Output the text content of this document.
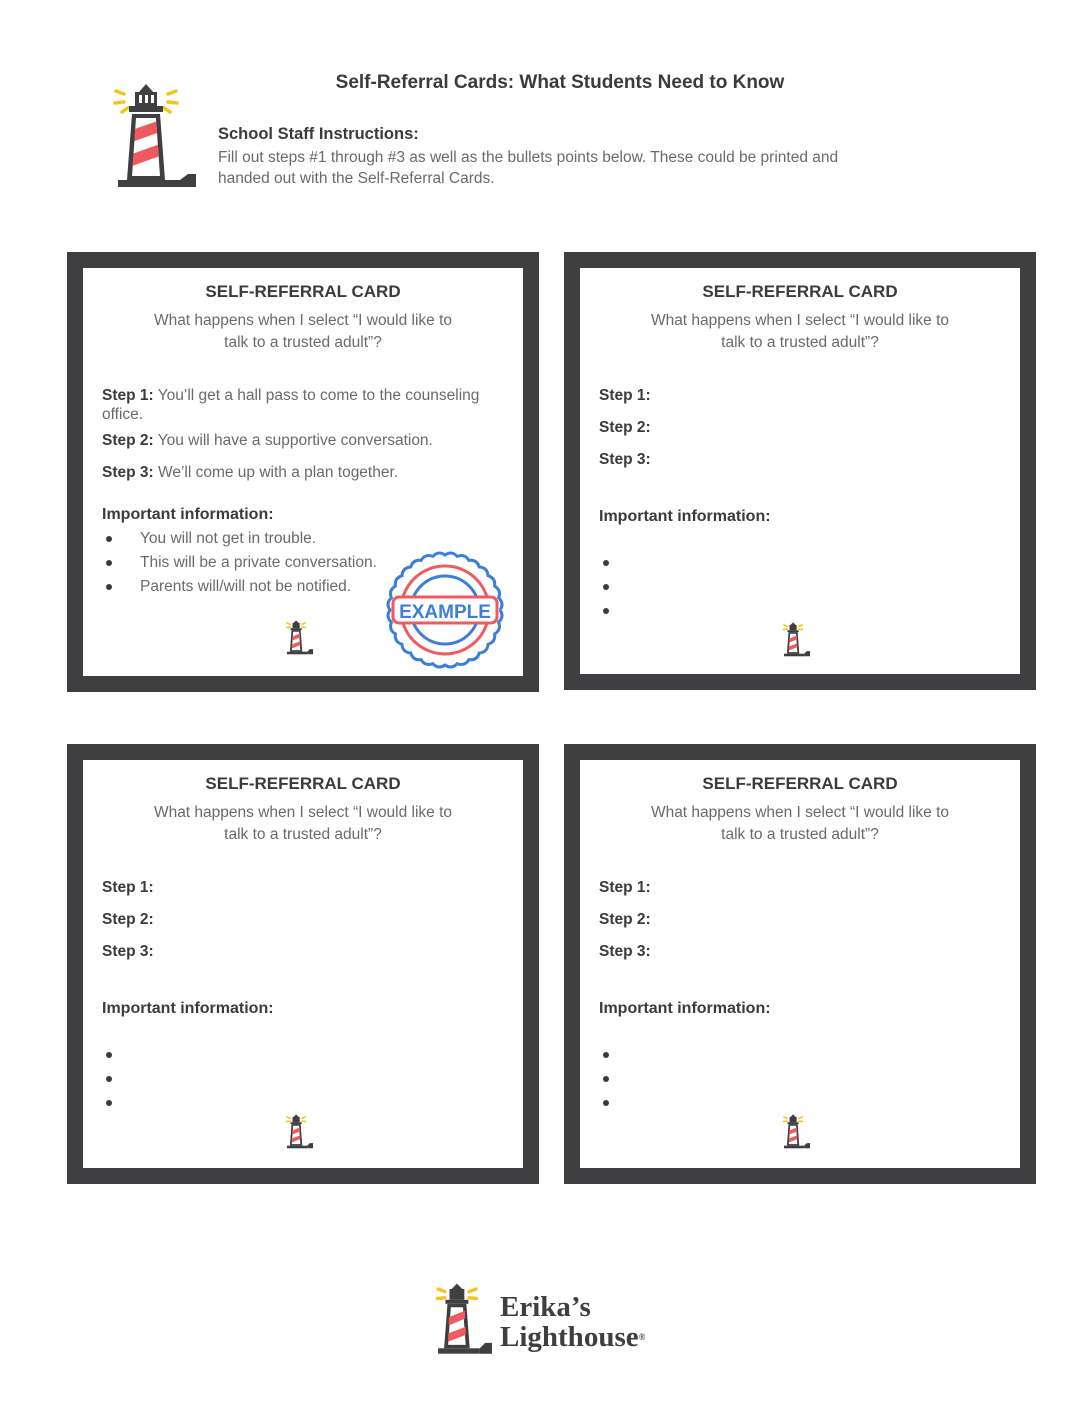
Self-Referral Cards: What Students Need to Know
School Staff Instructions:
Fill out steps #1 through #3 as well as the bullets points below. These could be printed and
handed out with the Self-Referral Cards.
SELF-REFERRAL CARD
What happens when I select “I would like to
talk to a trusted adult”?
Step 1: You’ll get a hall pass to come to the counseling office.
Step 2: You will have a supportive conversation.
Step 3: We’ll come up with a plan together.
Important information:
You will not get in trouble.
This will be a private conversation.
Parents will/will not be notified.
EXAMPLE
SELF-REFERRAL CARD
What happens when I select “I would like to
talk to a trusted adult”?
Step 1:
Step 2:
Step 3:
Important information:
SELF-REFERRAL CARD
What happens when I select “I would like to
talk to a trusted adult”?
Step 1:
Step 2:
Step 3:
Important information:
SELF-REFERRAL CARD
What happens when I select “I would like to
talk to a trusted adult”?
Step 1:
Step 2:
Step 3:
Important information:
Erika’s
Lighthouse®
